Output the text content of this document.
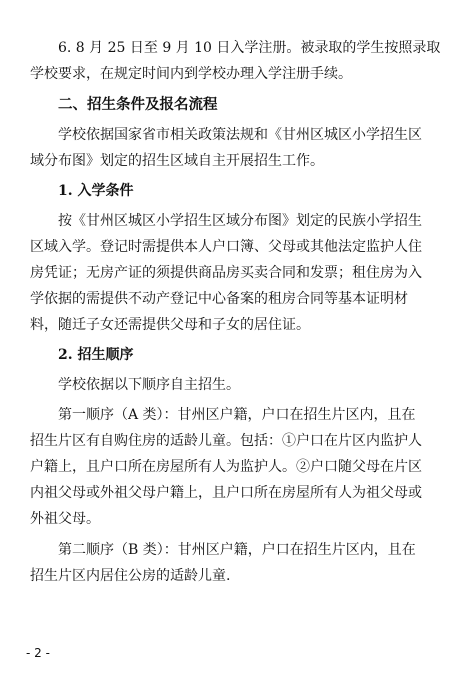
6. 8 月 25 日至 9 月 10 日入学注册。被录取的学生按照录取
学校要求，在规定时间内到学校办理入学注册手续。
二、招生条件及报名流程
学校依据国家省市相关政策法规和《甘州区城区小学招生区
域分布图》划定的招生区域自主开展招生工作。
1. 入学条件
按《甘州区城区小学招生区域分布图》划定的民族小学招生
区域入学。登记时需提供本人户口簿、父母或其他法定监护人住
房凭证；无房产证的须提供商品房买卖合同和发票；租住房为入
学依据的需提供不动产登记中心备案的租房合同等基本证明材
料，随迁子女还需提供父母和子女的居住证。
2. 招生顺序
学校依据以下顺序自主招生。
第一顺序（A 类）：甘州区户籍，户口在招生片区内，且在
招生片区有自购住房的适龄儿童。包括：①户口在片区内监护人
户籍上，且户口所在房屋所有人为监护人。②户口随父母在片区
内祖父母或外祖父母户籍上，且户口所在房屋所有人为祖父母或
外祖父母。
第二顺序（B 类）：甘州区户籍，户口在招生片区内，且在
招生片区内居住公房的适龄儿童.
- 2 -
